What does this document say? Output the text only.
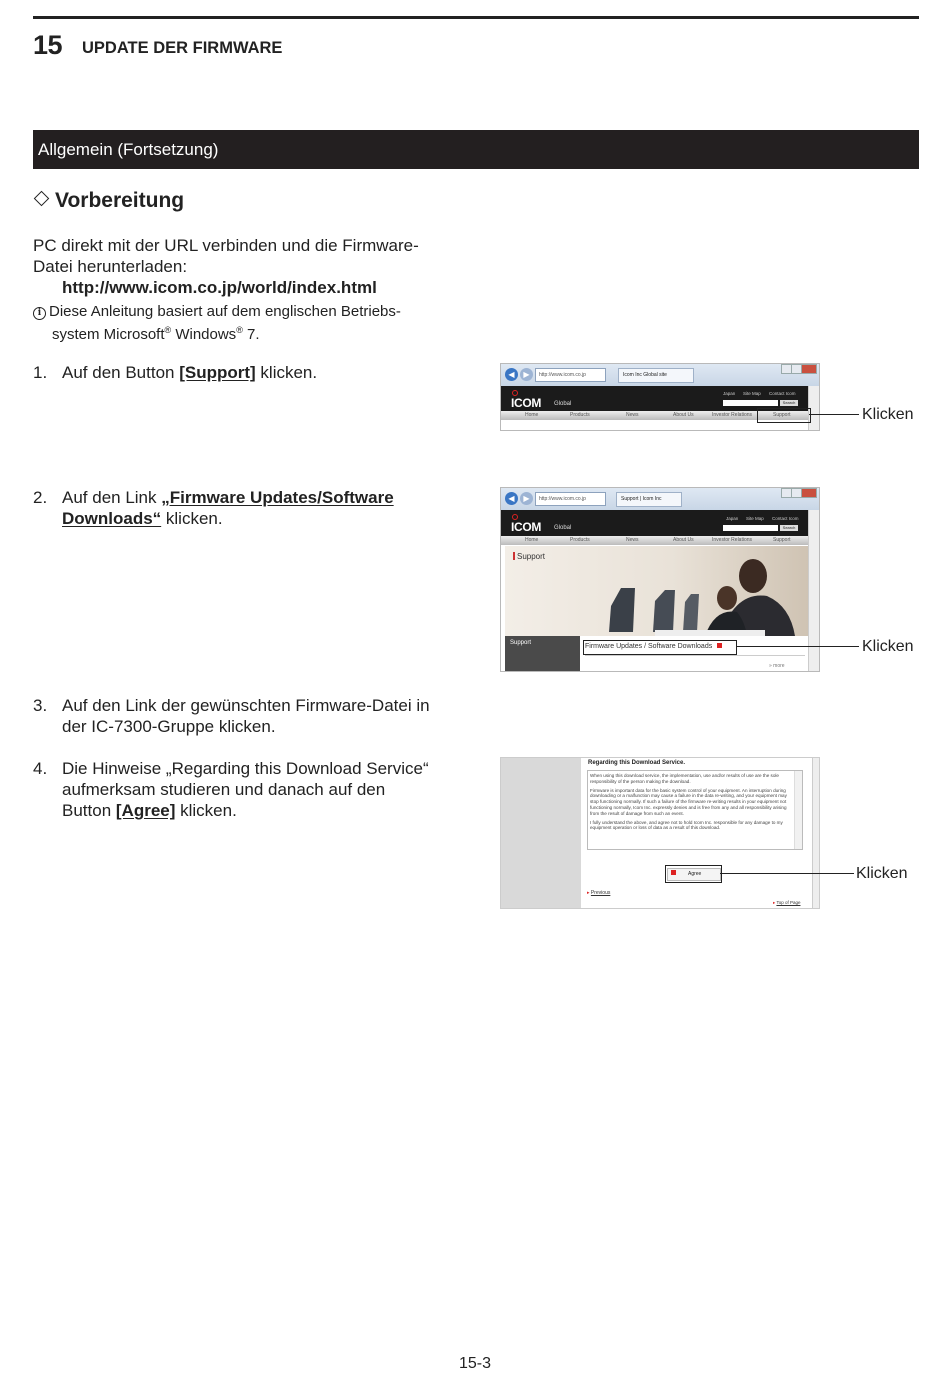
15 UPDATE DER FIRMWARE
Allgemein (Fortsetzung)
Vorbereitung
PC direkt mit der URL verbinden und die Firmware-
Datei herunterladen:
http://www.icom.co.jp/world/index.html
i Diese Anleitung basiert auf dem englischen Betriebs-
system Microsoft® Windows® 7.
1. Auf den Button [Support] klicken.
2. Auf den Link „Firmware Updates/Software
Downloads“ klicken.
3. Auf den Link der gewünschten Firmware-Datei in
der IC-7300-Gruppe klicken.
4. Die Hinweise „Regarding this Download Service“
aufmerksam studieren und danach auf den
Button [Agree] klicken.
◀	▶	http://www.icom.co.jp	Icom Inc Global site
ICOM Global
Japan Site Map Contact Icom
Search
Home	Products	News	About Us	Investor Relations	Support	Klicken
◀	▶	http://www.icom.co.jp	Support | Icom Inc
ICOM Global
Japan Site Map Contact Icom
Search
Home	Products	News	About Us	Investor Relations	Support
Support
Support	Firmware Updates / Software Downloads
» more
Klicken
Regarding this Download Service.
When using this download service, the implementation, use and/or results of use are the sole responsibility of the person making the download.
Firmware is important data for the basic system control of your equipment. An interruption during downloading or a malfunction may cause a failure in the data re-writing, and your equipment may stop functioning normally. If such a failure of the firmware re-writing results in your equipment not functioning normally, Icom Inc. expressly denies and is free from any and all responsibility arising from the result of damage from such an event.
I fully understand the above, and agree not to hold Icom Inc. responsible for any damage to my equipment operation or loss of data as a result of this download.
Agree
▸ Previous
▸ Top of Page
Klicken
15-3
